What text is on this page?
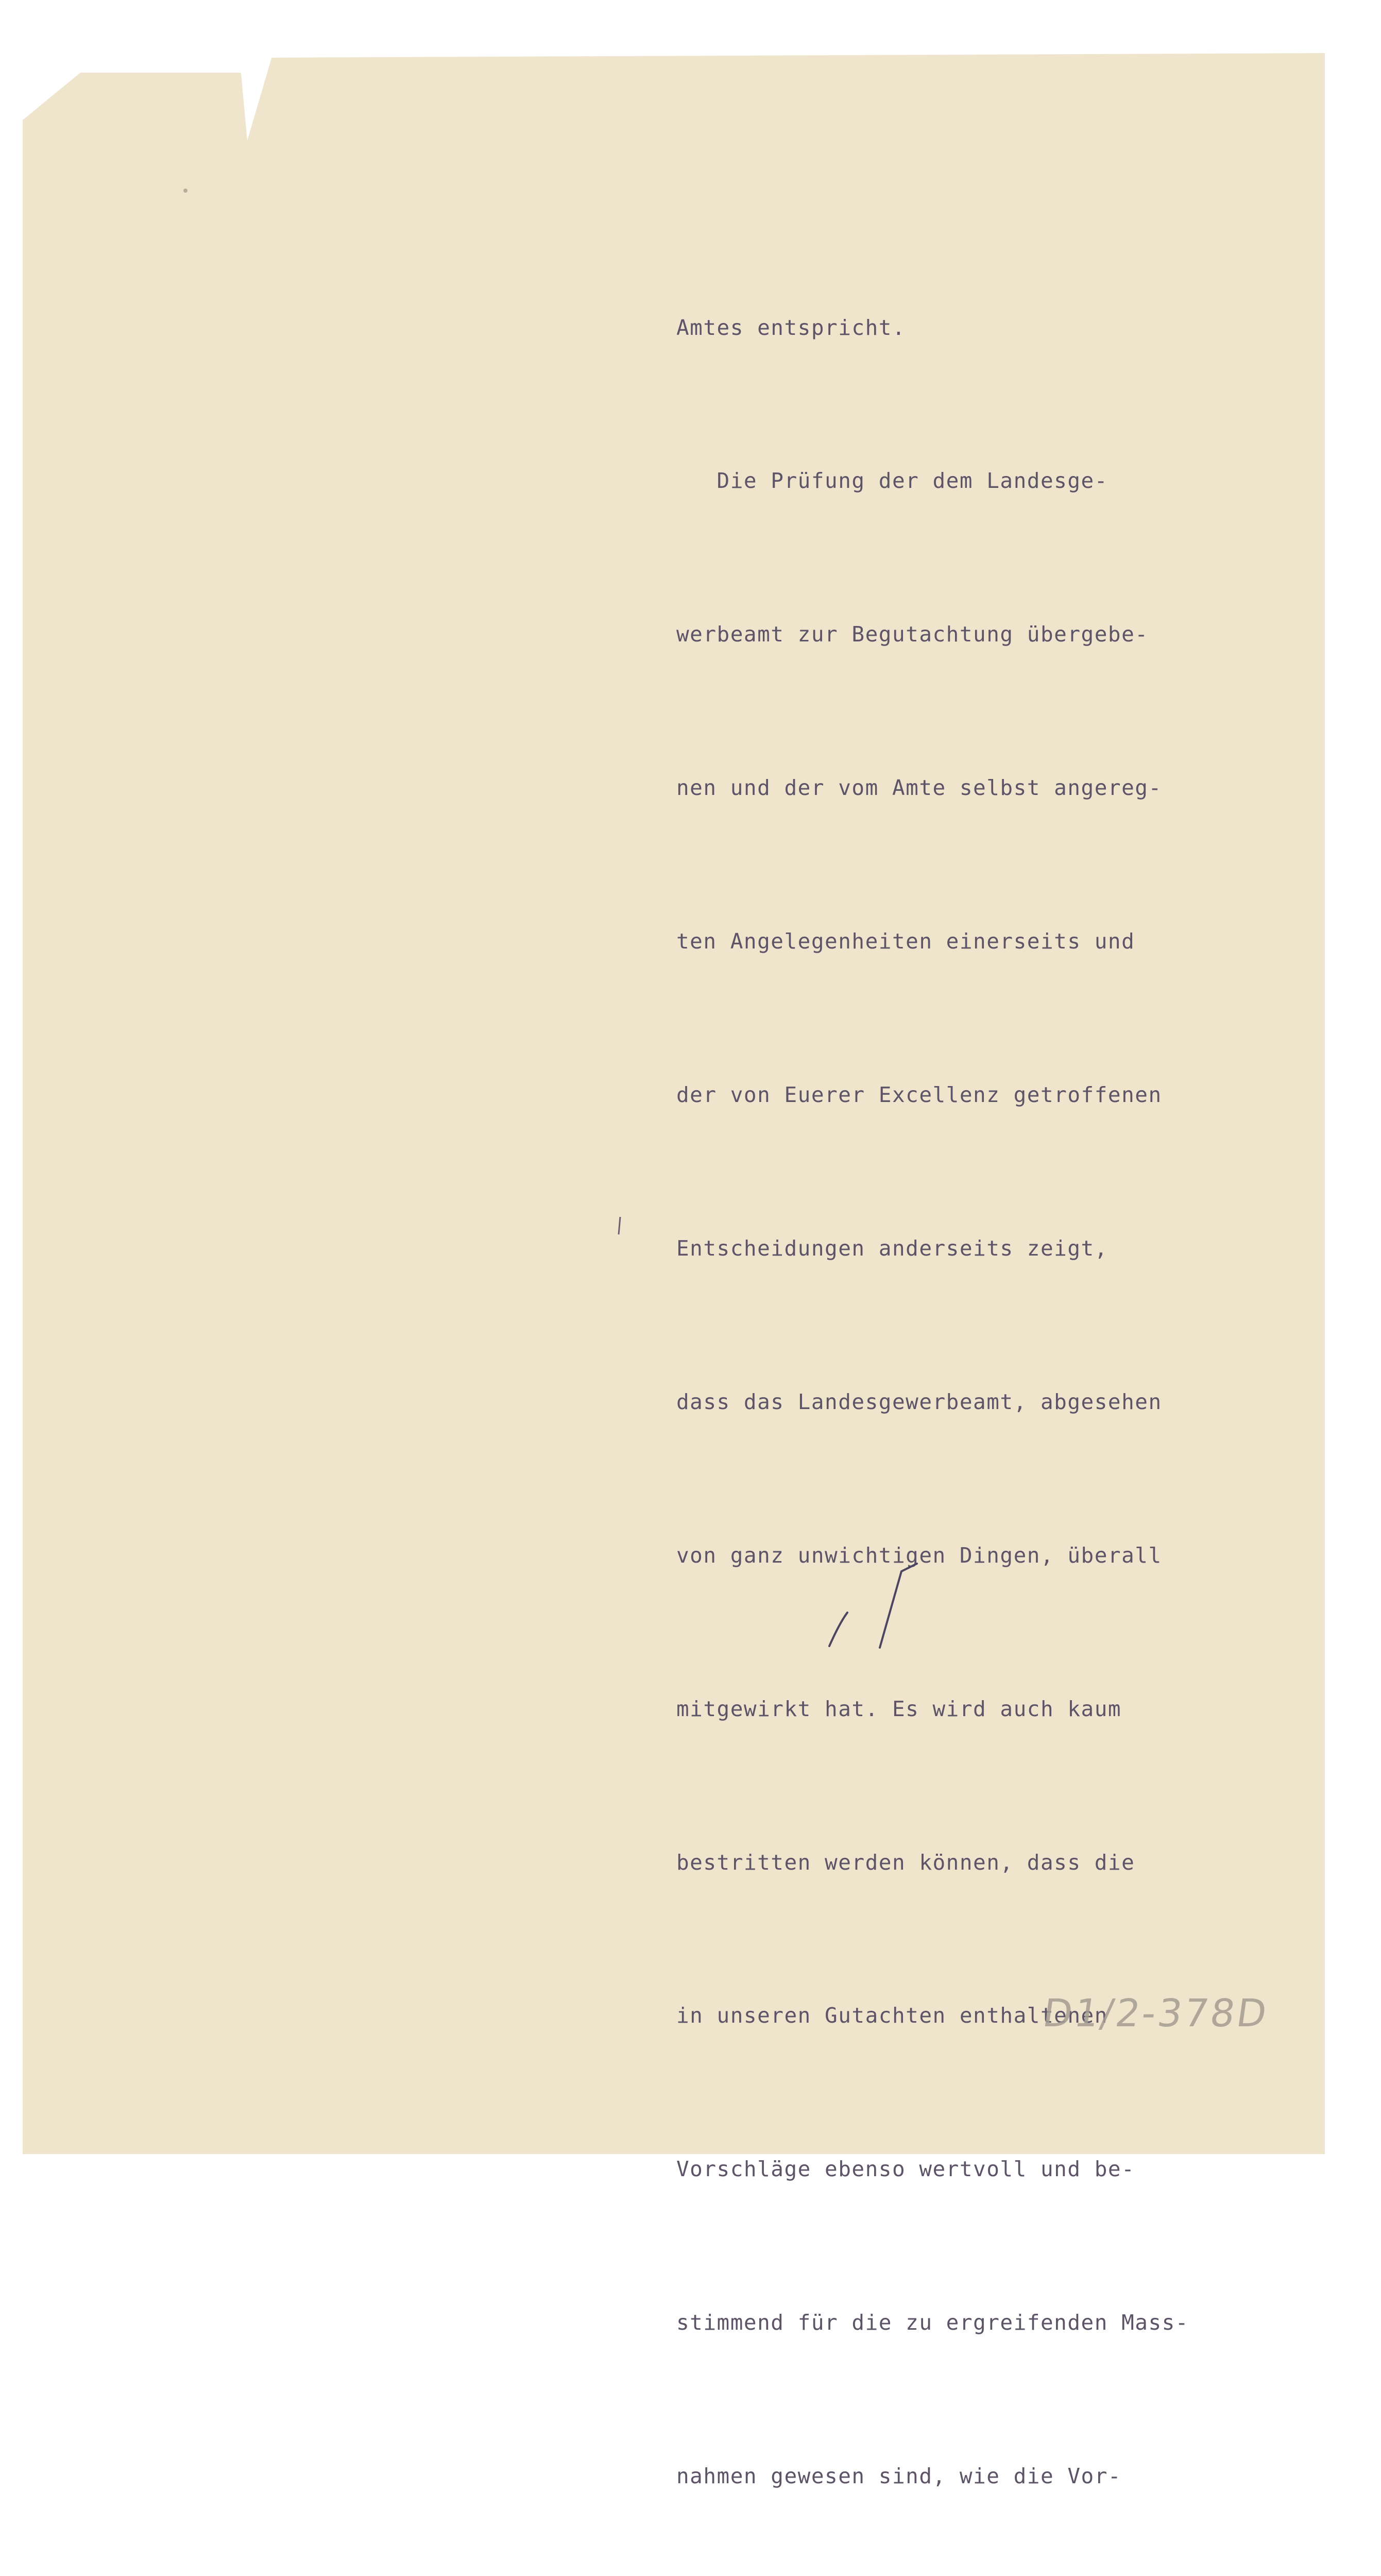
Amtes entspricht.

Die Prüfung der dem Landesge-

werbeamt zur Begutachtung übergebe-

nen und der vom Amte selbst angereg-

ten Angelegenheiten einerseits und

der von Euerer Excellenz getroffenen

Entscheidungen anderseits zeigt,

dass das Landesgewerbeamt, abgesehen

von ganz unwichtigen Dingen, überall

mitgewirkt hat. Es wird auch kaum

bestritten werden können, dass die

in unseren Gutachten enthaltenen

Vorschläge ebenso wertvoll und be-

stimmend für die zu ergreifenden Mass-

nahmen gewesen sind, wie die Vor-

D1/2-378D
